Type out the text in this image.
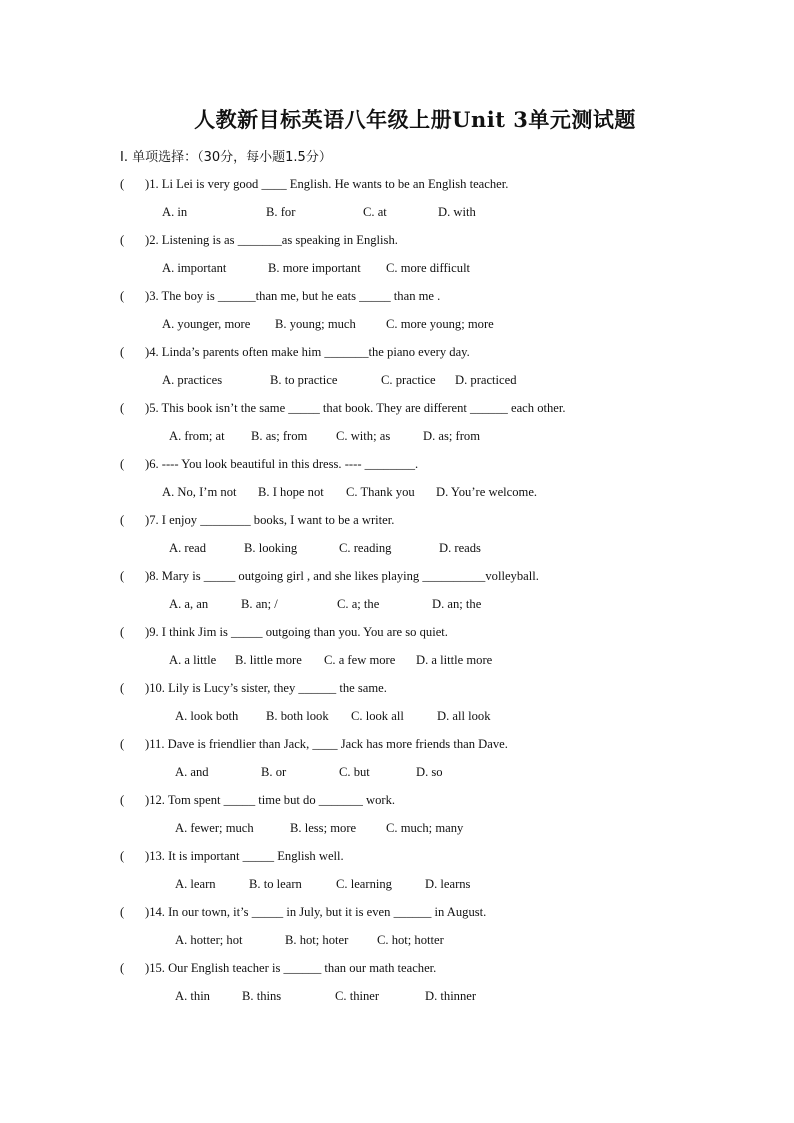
人教新目标英语八年级上册Unit 3单元测试题
I. 单项选择：（30分，每小题1.5分）
( )1. Li Lei is very good ____ English. He wants to be an English teacher.
A. in	B. for	C. at	D. with
( )2. Listening is as _______as speaking in English.
A. important	B. more important C. more difficult
( )3. The boy is ______than me, but he eats _____ than me .
A. younger, more B. young; much C. more young; more
( )4. Linda’s parents often make him _______the piano every day.
A. practices	B. to practice	C. practice D. practiced
( )5. This book isn’t the same _____ that book. They are different ______ each other.
A. from; at B. as; from C. with; as	D. as; from
( )6. ---- You look beautiful in this dress. ---- ________.
A. No, I’m not B. I hope not C. Thank you D. You’re welcome.
( )7. I enjoy ________ books, I want to be a writer.
A. read	B. looking	C. reading	D. reads
( )8. Mary is _____ outgoing girl , and she likes playing __________volleyball.
A. a, an	B. an; /	C. a; the	D. an; the
( )9. I think Jim is _____ outgoing than you. You are so quiet.
A. a little B. little more C. a few more D. a little more
( )10. Lily is Lucy’s sister, they ______ the same.
A. look both B. both look C. look all	D. all look
( )11. Dave is friendlier than Jack, ____ Jack has more friends than Dave.
A. and	B. or	C. but	D. so
( )12. Tom spent _____ time but do _______ work.
A. fewer; much	B. less; more C. much; many
( )13. It is important _____ English well.
A. learn	B. to learn	C. learning	D. learns
( )14. In our town, it’s _____ in July, but it is even ______ in August.
A. hotter; hot	B. hot; hoter C. hot; hotter
( )15. Our English teacher is ______ than our math teacher.
A. thin	B. thins	C. thiner	D. thinner
